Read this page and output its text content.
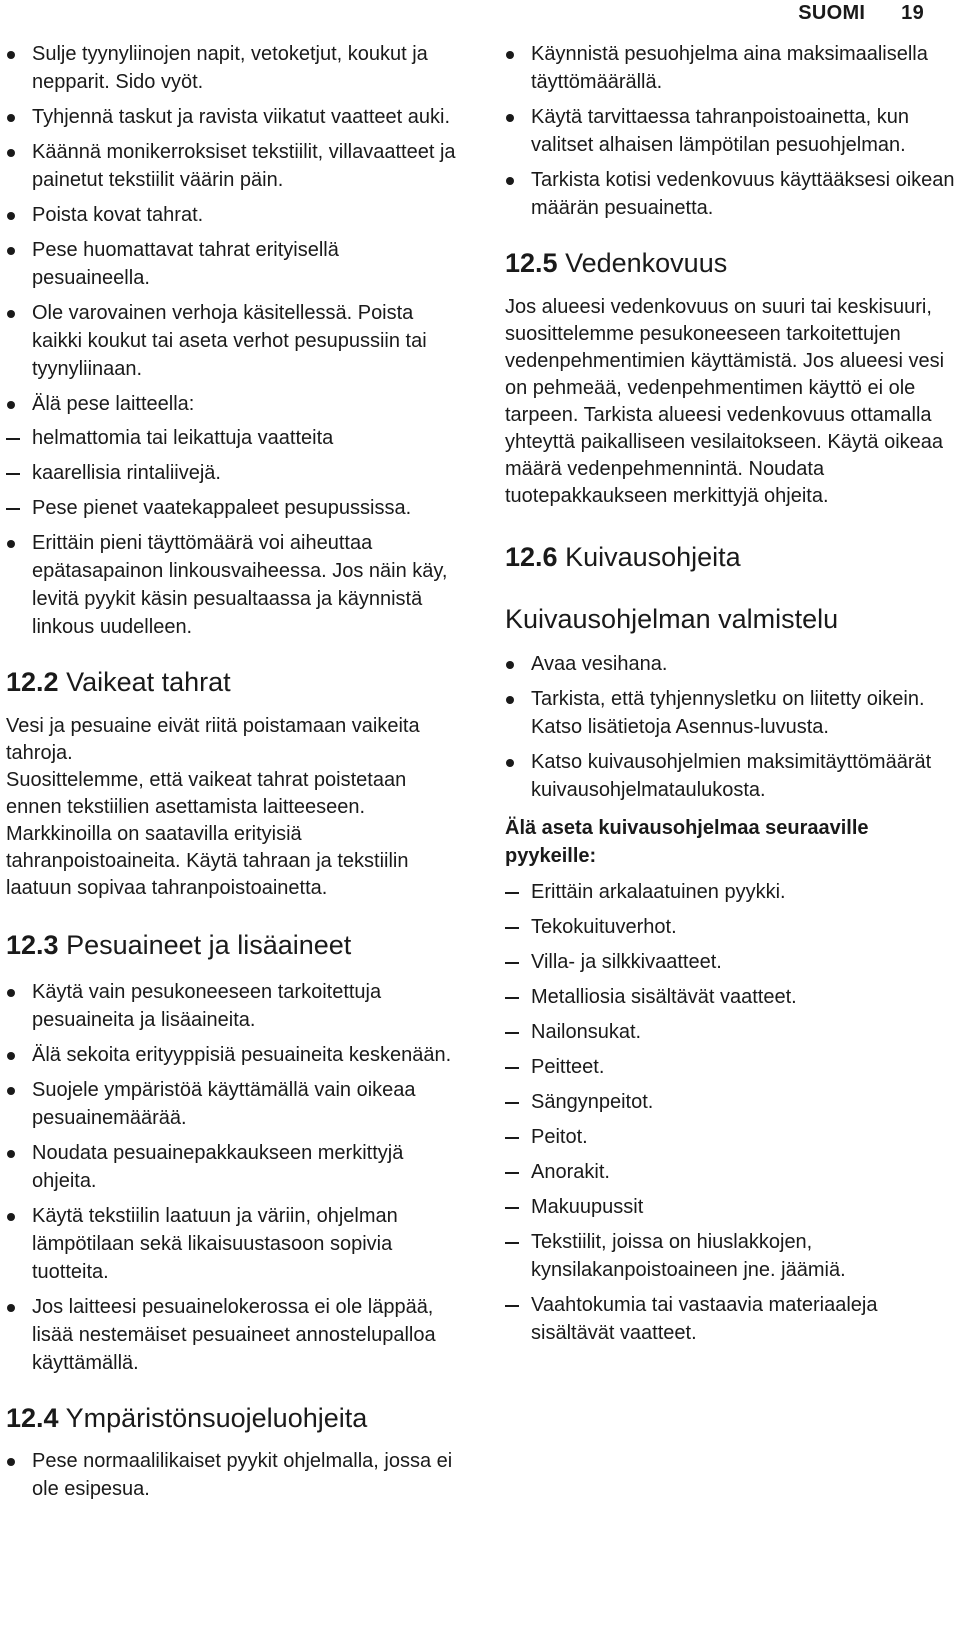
SUOMI 19
Sulje tyynyliinojen napit, vetoketjut, koukut ja nepparit. Sido vyöt.
Tyhjennä taskut ja ravista viikatut vaatteet auki.
Käännä monikerroksiset tekstiilit, villavaatteet ja painetut tekstiilit väärin päin.
Poista kovat tahrat.
Pese huomattavat tahrat erityisellä pesuaineella.
Ole varovainen verhoja käsitellessä. Poista kaikki koukut tai aseta verhot pesupussiin tai tyynyliinaan.
Älä pese laitteella:
helmattomia tai leikattuja vaatteita
kaarellisia rintaliivejä.
Pese pienet vaatekappaleet pesupussissa.
Erittäin pieni täyttömäärä voi aiheuttaa epätasapainon linkousvaiheessa. Jos näin käy, levitä pyykit käsin pesualtaassa ja käynnistä linkous uudelleen.
12.2 Vaikeat tahrat

Vesi ja pesuaine eivät riitä poistamaan vaikeita tahroja.

Suosittelemme, että vaikeat tahrat poistetaan ennen tekstiilien asettamista laitteeseen.

Markkinoilla on saatavilla erityisiä tahranpoistoaineita. Käytä tahraan ja tekstiilin laatuun sopivaa tahranpoistoainetta.

12.3 Pesuaineet ja lisäaineet
Käytä vain pesukoneeseen tarkoitettuja pesuaineita ja lisäaineita.
Älä sekoita erityyppisiä pesuaineita keskenään.
Suojele ympäristöä käyttämällä vain oikeaa pesuainemäärää.
Noudata pesuainepakkaukseen merkittyjä ohjeita.
Käytä tekstiilin laatuun ja väriin, ohjelman lämpötilaan sekä likaisuustasoon sopivia tuotteita.
Jos laitteesi pesuainelokerossa ei ole läppää, lisää nestemäiset pesuaineet annostelupalloa käyttämällä.
12.4 Ympäristönsuojeluohjeita
Pese normaalilikaiset pyykit ohjelmalla, jossa ei ole esipesua.
Käynnistä pesuohjelma aina maksimaalisella täyttömäärällä.
Käytä tarvittaessa tahranpoistoainetta, kun valitset alhaisen lämpötilan pesuohjelman.
Tarkista kotisi vedenkovuus käyttääksesi oikean määrän pesuainetta.
12.5 Vedenkovuus

Jos alueesi vedenkovuus on suuri tai keskisuuri, suosittelemme pesukoneeseen tarkoitettujen vedenpehmentimien käyttämistä. Jos alueesi vesi on pehmeää, vedenpehmentimen käyttö ei ole tarpeen. Tarkista alueesi vedenkovuus ottamalla yhteyttä paikalliseen vesilaitokseen. Käytä oikeaa määrä vedenpehmennintä. Noudata tuotepakkaukseen merkittyjä ohjeita.

12.6 Kuivausohjeita
Kuivausohjelman valmistelu
Avaa vesihana.
Tarkista, että tyhjennysletku on liitetty oikein. Katso lisätietoja Asennus-luvusta.
Katso kuivausohjelmien maksimitäyttömäärät kuivausohjelmataulukosta.

Älä aseta kuivausohjelmaa seuraaville pyykeille:

Erittäin arkalaatuinen pyykki.
Tekokuituverhot.
Villa- ja silkkivaatteet.
Metalliosia sisältävät vaatteet.
Nailonsukat.
Peitteet.
Sängynpeitot.
Peitot.
Anorakit.
Makuupussit
Tekstiilit, joissa on hiuslakkojen, kynsilakanpoistoaineen jne. jäämiä.
Vaahtokumia tai vastaavia materiaaleja sisältävät vaatteet.
